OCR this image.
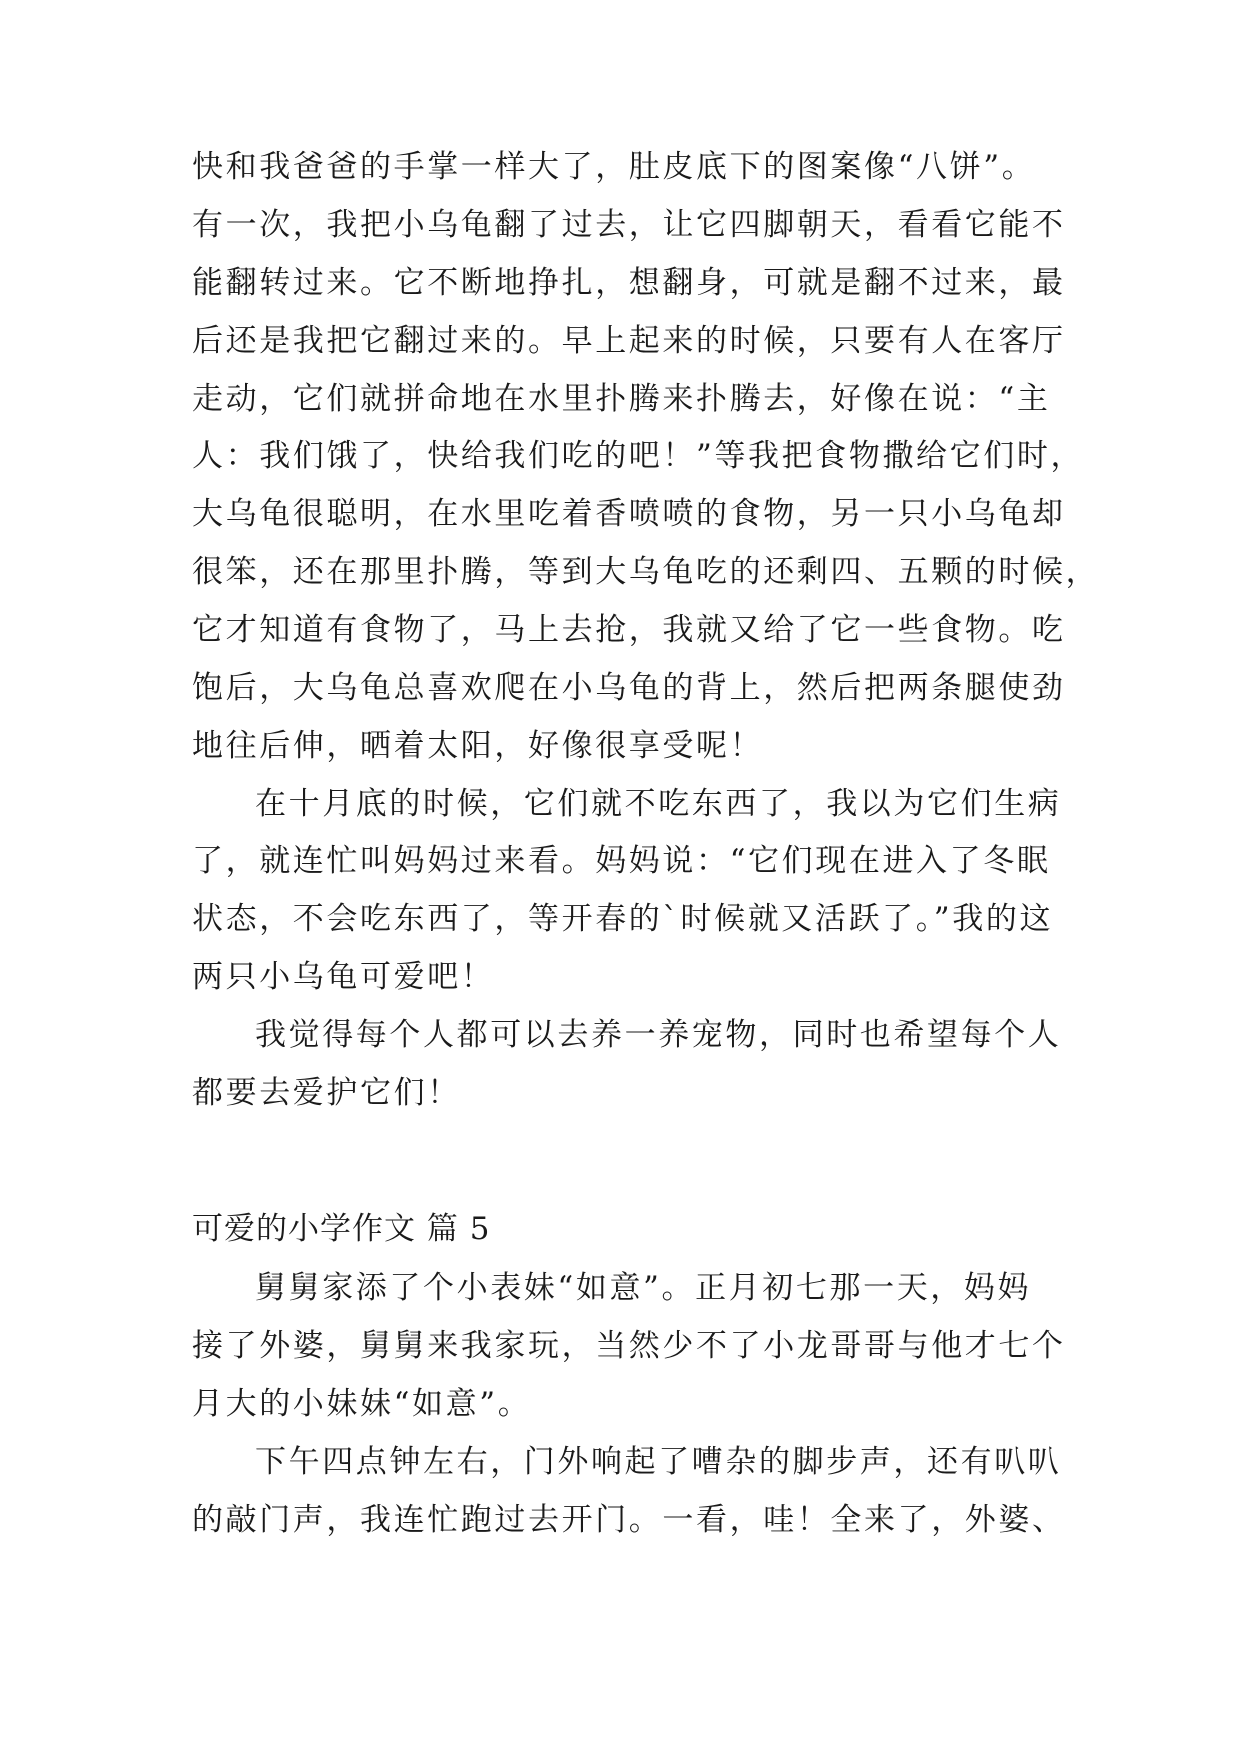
快和我爸爸的手掌一样大了，肚皮底下的图案像“八饼”。
有一次，我把小乌龟翻了过去，让它四脚朝天，看看它能不
能翻转过来。它不断地挣扎，想翻身，可就是翻不过来，最
后还是我把它翻过来的。早上起来的时候，只要有人在客厅
走动，它们就拼命地在水里扑腾来扑腾去，好像在说：“主
人：我们饿了，快给我们吃的吧！”等我把食物撒给它们时，
大乌龟很聪明，在水里吃着香喷喷的食物，另一只小乌龟却
很笨，还在那里扑腾，等到大乌龟吃的还剩四、五颗的时候，
它才知道有食物了，马上去抢，我就又给了它一些食物。吃
饱后，大乌龟总喜欢爬在小乌龟的背上，然后把两条腿使劲
地往后伸，晒着太阳，好像很享受呢！
在十月底的时候，它们就不吃东西了，我以为它们生病
了，就连忙叫妈妈过来看。妈妈说：“它们现在进入了冬眠
状态，不会吃东西了，等开春的`时候就又活跃了。”我的这
两只小乌龟可爱吧！
我觉得每个人都可以去养一养宠物，同时也希望每个人
都要去爱护它们！
可爱的小学作文 篇 5
舅舅家添了个小表妹“如意”。正月初七那一天，妈妈
接了外婆，舅舅来我家玩，当然少不了小龙哥哥与他才七个
月大的小妹妹“如意”。
下午四点钟左右，门外响起了嘈杂的脚步声，还有叭叭
的敲门声，我连忙跑过去开门。一看，哇！全来了，外婆、
